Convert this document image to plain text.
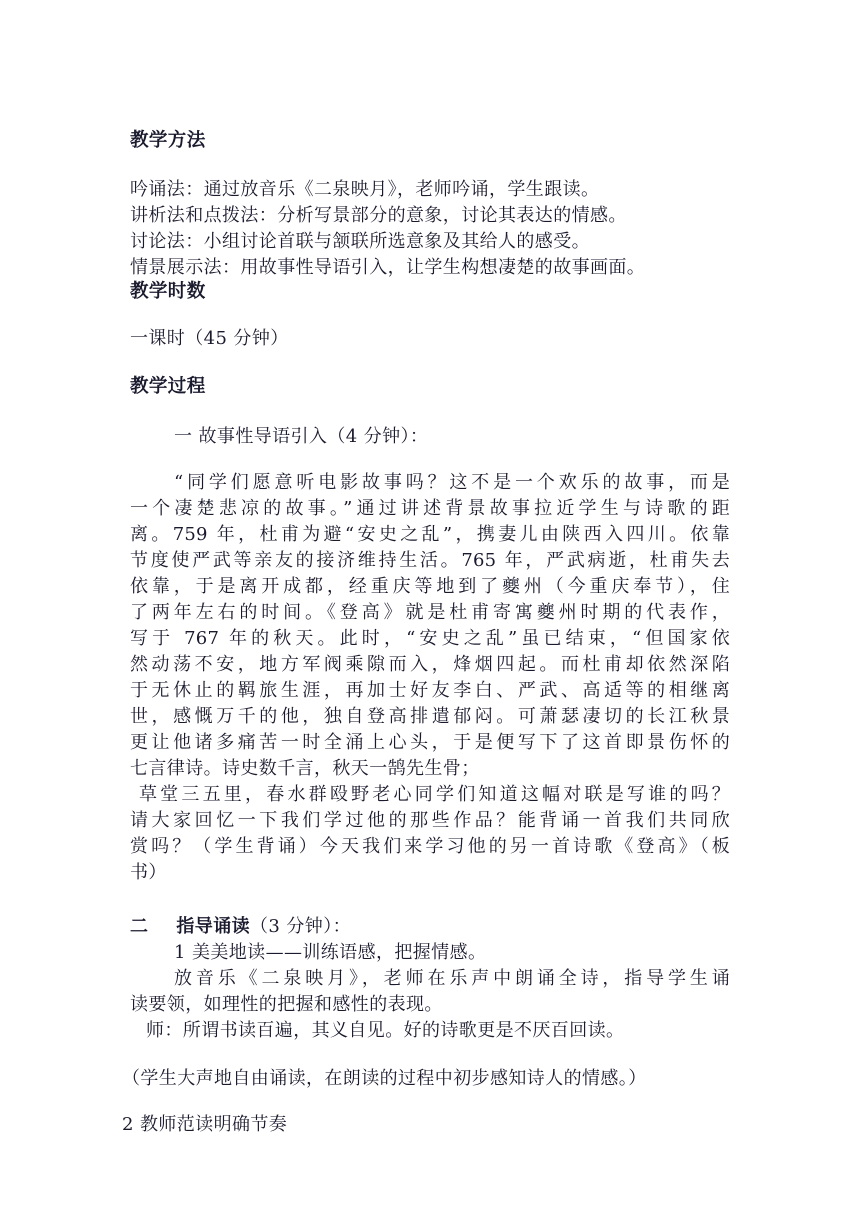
教学方法
吟诵法：通过放音乐《二泉映月》，老师吟诵，学生跟读。
讲析法和点拨法：分析写景部分的意象，讨论其表达的情感。
讨论法：小组讨论首联与颔联所选意象及其给人的感受。
情景展示法：用故事性导语引入，让学生构想凄楚的故事画面。
教学时数
一课时（45 分钟）
教学过程
一 故事性导语引入（4 分钟）：
“同学们愿意听电影故事吗？这不是一个欢乐的故事，而是
一个凄楚悲凉的故事。”通过讲述背景故事拉近学生与诗歌的距
离。759 年，杜甫为避“安史之乱”，携妻儿由陕西入四川。依靠
节度使严武等亲友的接济维持生活。765 年，严武病逝，杜甫失去
依靠，于是离开成都，经重庆等地到了夔州（今重庆奉节），住
了两年左右的时间。《登高》就是杜甫寄寓夔州时期的代表作，
写于 767 年的秋天。此时，“安史之乱”虽已结束，“但国家依
然动荡不安，地方军阀乘隙而入，烽烟四起。而杜甫却依然深陷
于无休止的羁旅生涯，再加士好友李白、严武、高适等的相继离
世，感慨万千的他，独自登高排遣郁闷。可萧瑟凄切的长江秋景
更让他诸多痛苦一时全涌上心头，于是便写下了这首即景伤怀的
七言律诗。诗史数千言，秋天一鹄先生骨；
草堂三五里，春水群殴野老心同学们知道这幅对联是写谁的吗？
请大家回忆一下我们学过他的那些作品？能背诵一首我们共同欣
赏吗？（学生背诵）今天我们来学习他的另一首诗歌《登高》（板
书）
二 指导诵读（3 分钟）：
1 美美地读——训练语感，把握情感。
放音乐《二泉映月》，老师在乐声中朗诵全诗，指导学生诵
读要领，如理性的把握和感性的表现。
师：所谓书读百遍，其义自见。好的诗歌更是不厌百回读。
（学生大声地自由诵读，在朗读的过程中初步感知诗人的情感。）
2 教师范读明确节奏
